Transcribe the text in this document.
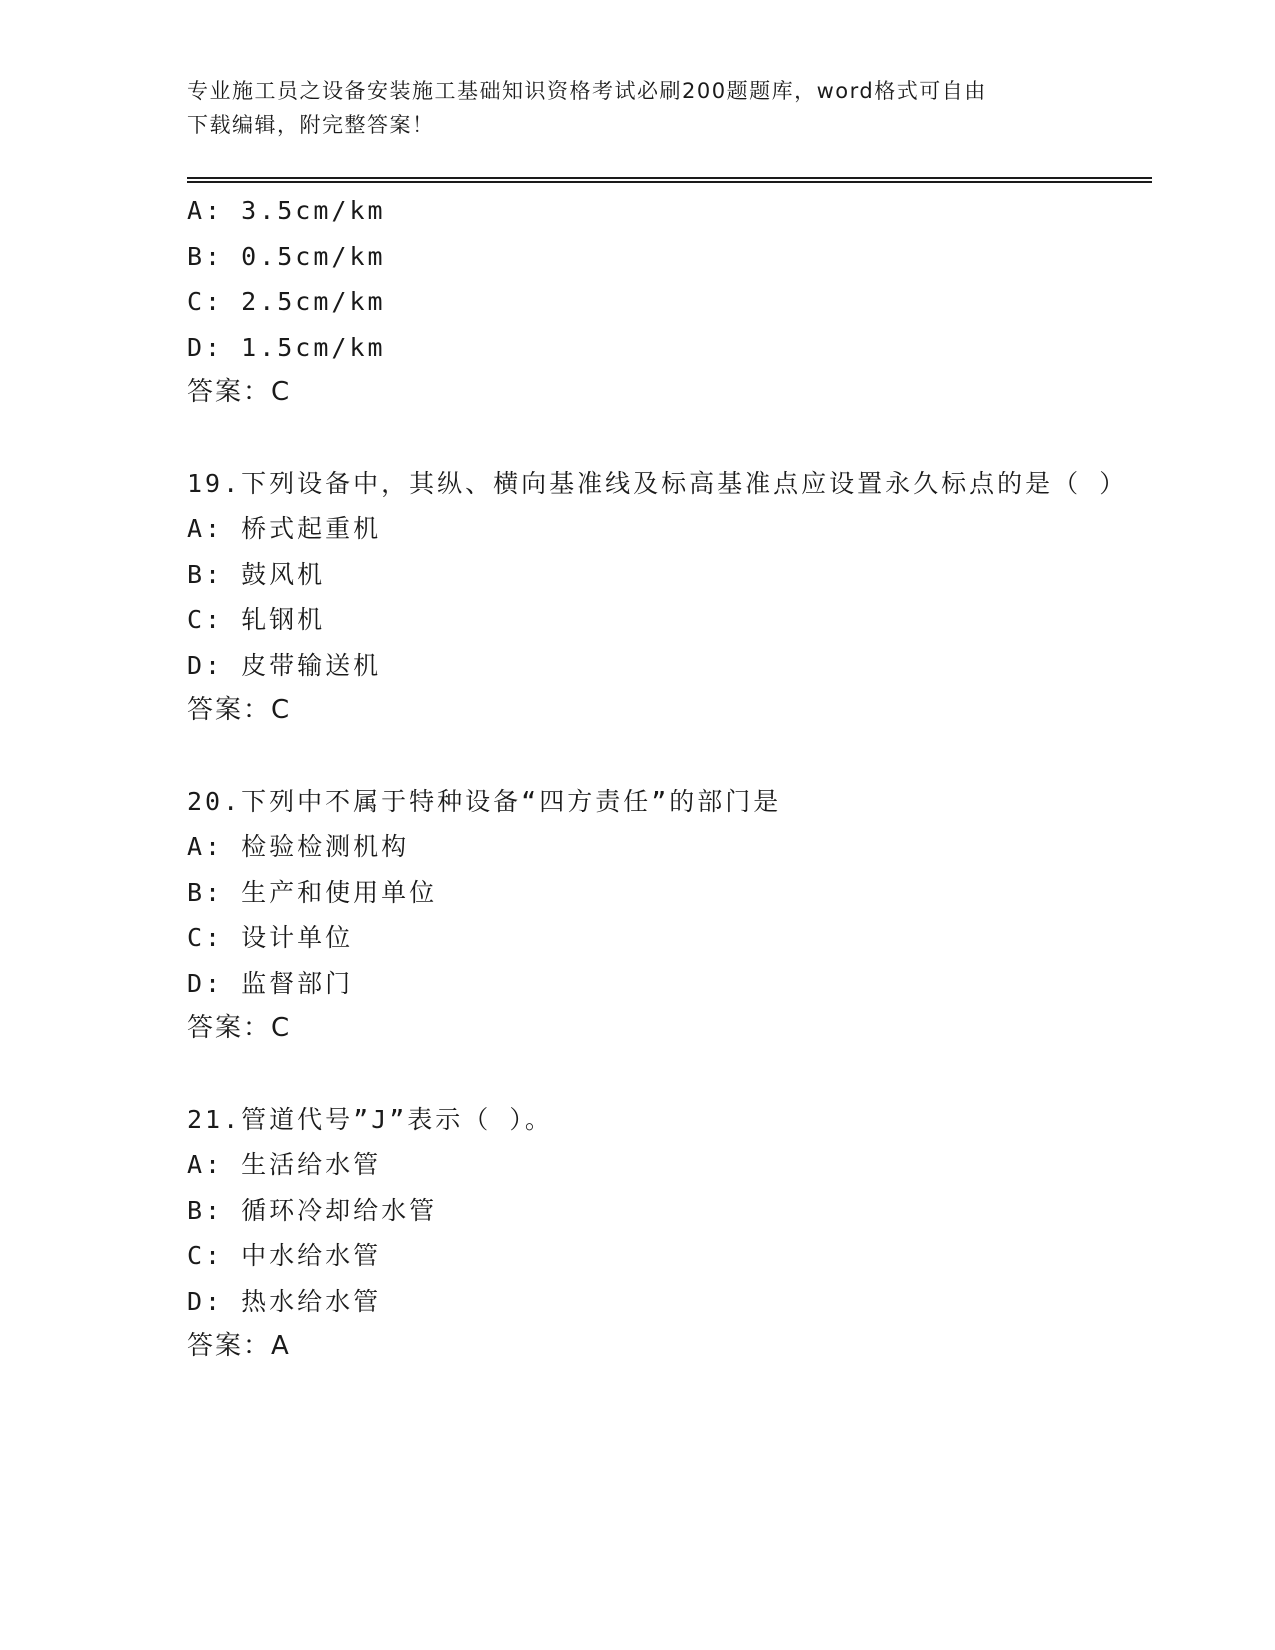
专业施工员之设备安装施工基础知识资格考试必刷200题题库，word格式可自由
下载编辑，附完整答案！
A: 3.5cm/km
B: 0.5cm/km
C: 2.5cm/km
D: 1.5cm/km
答案：C
19.下列设备中，其纵、横向基准线及标高基准点应设置永久标点的是（ ）
A: 桥式起重机
B: 鼓风机
C: 轧钢机
D: 皮带输送机
答案：C
20.下列中不属于特种设备“四方责任”的部门是
A: 检验检测机构
B: 生产和使用单位
C: 设计单位
D: 监督部门
答案：C
21.管道代号”J”表示（ ）。
A: 生活给水管
B: 循环冷却给水管
C: 中水给水管
D: 热水给水管
答案：A
